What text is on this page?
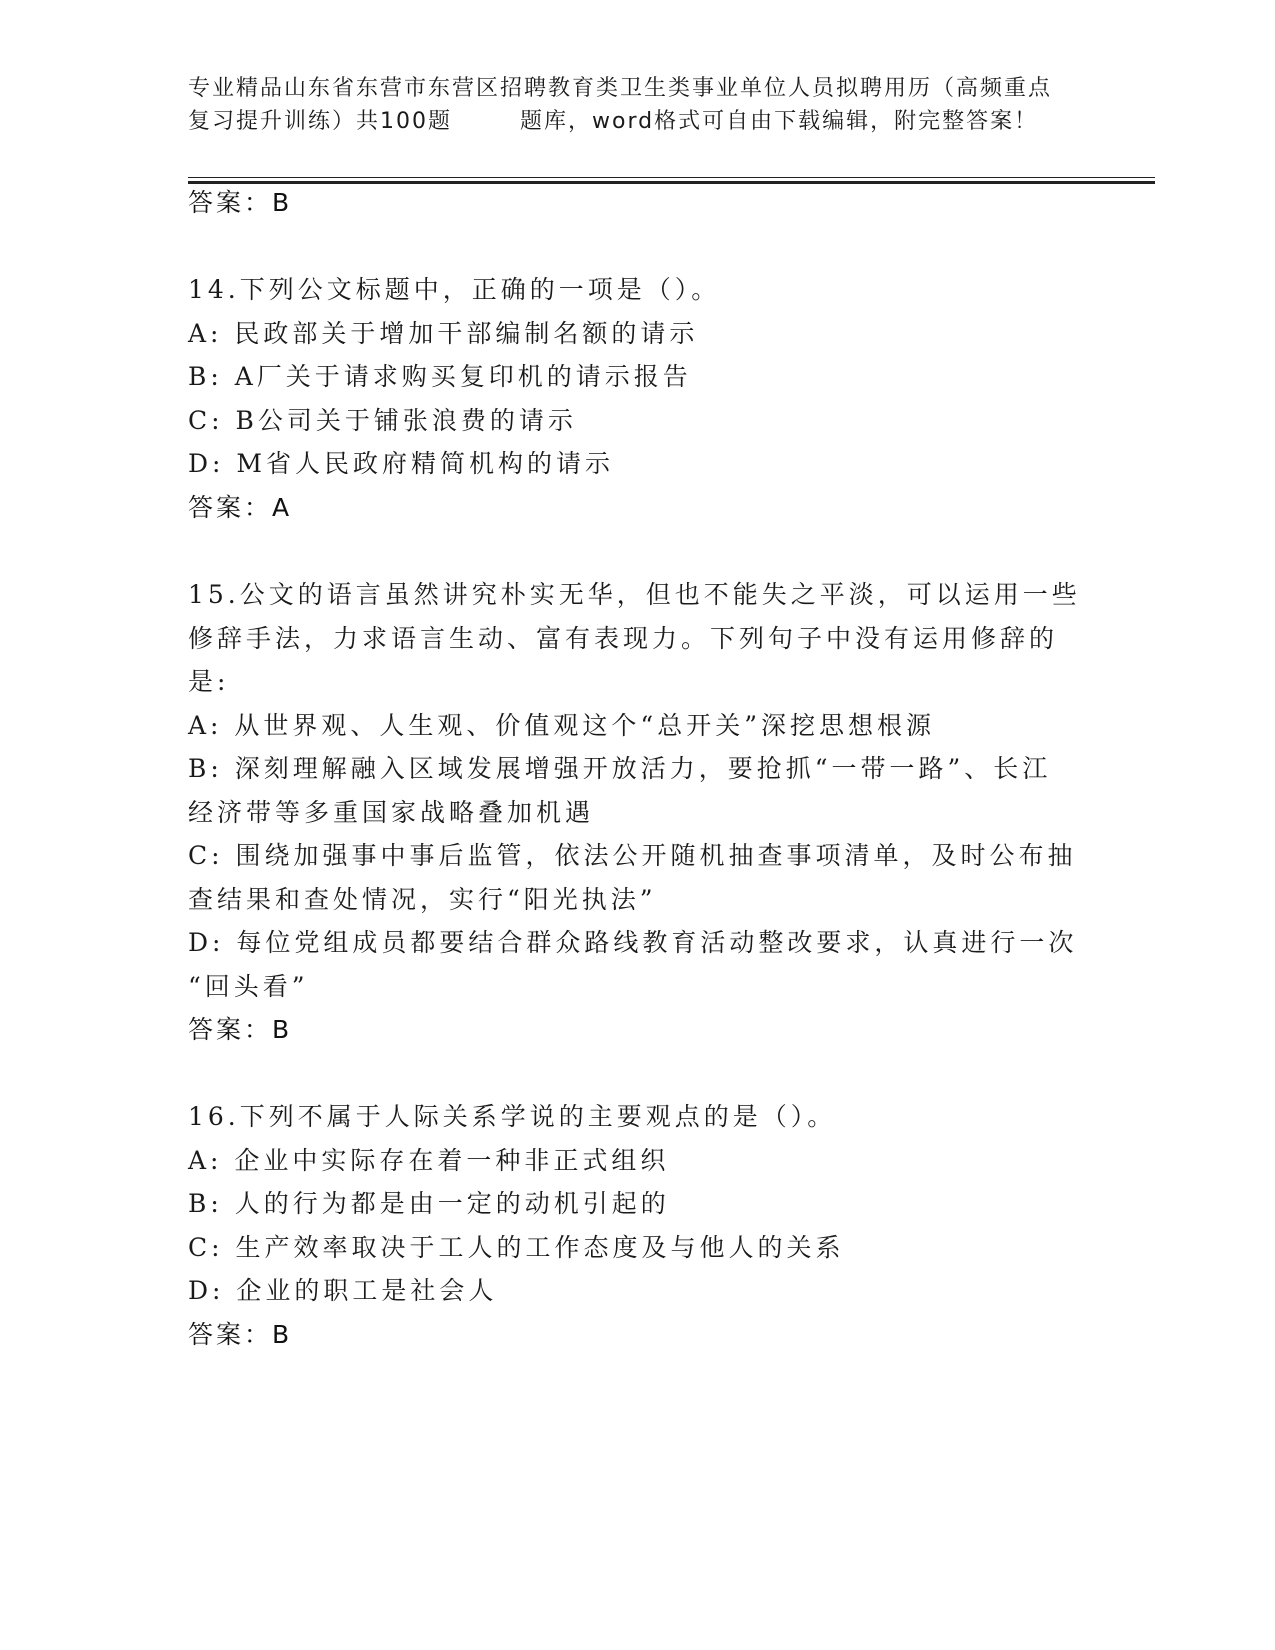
专业精品山东省东营市东营区招聘教育类卫生类事业单位人员拟聘用历（高频重点
复习提升训练）共100题	题库，word格式可自由下载编辑，附完整答案！
答案：B
14.下列公文标题中，正确的一项是（）。
A: 民政部关于增加干部编制名额的请示
B: A厂关于请求购买复印机的请示报告
C: B公司关于铺张浪费的请示
D: M省人民政府精简机构的请示
答案：A
15.公文的语言虽然讲究朴实无华，但也不能失之平淡，可以运用一些
修辞手法，力求语言生动、富有表现力。下列句子中没有运用修辞的
是:
A: 从世界观、人生观、价值观这个“总开关”深挖思想根源
B: 深刻理解融入区域发展增强开放活力，要抢抓“一带一路”、长江
经济带等多重国家战略叠加机遇
C: 围绕加强事中事后监管，依法公开随机抽查事项清单，及时公布抽
查结果和查处情况，实行“阳光执法”
D: 每位党组成员都要结合群众路线教育活动整改要求，认真进行一次
“回头看”
答案：B
16.下列不属于人际关系学说的主要观点的是（）。
A: 企业中实际存在着一种非正式组织
B: 人的行为都是由一定的动机引起的
C: 生产效率取决于工人的工作态度及与他人的关系
D: 企业的职工是社会人
答案：B
